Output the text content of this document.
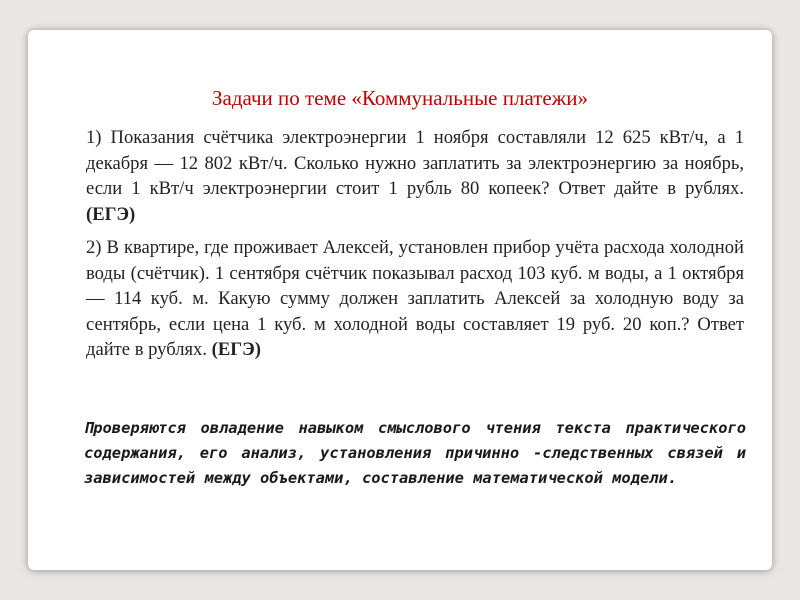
Задачи по теме «Коммунальные платежи»
1) Показания счётчика электроэнергии 1 ноября составляли 12 625 кВт/ч, а 1 декабря — 12 802 кВт/ч. Сколько нужно заплатить за электроэнергию за ноябрь, если 1 кВт/ч электроэнергии стоит 1 рубль 80 копеек? Ответ дайте в рублях. (ЕГЭ)
2) В квартире, где проживает Алексей, установлен прибор учёта расхода холодной воды (счётчик). 1 сентября счётчик показывал расход 103 куб. м воды, а 1 октября — 114 куб. м. Какую сумму должен заплатить Алексей за холодную воду за сентябрь, если цена 1 куб. м холодной воды составляет 19 руб. 20 коп.? Ответ дайте в рублях. (ЕГЭ)
Проверяются овладение навыком смыслового чтения текста практического содержания, его анализ, установления причинно -следственных связей и зависимостей между объектами, составление математической модели.
